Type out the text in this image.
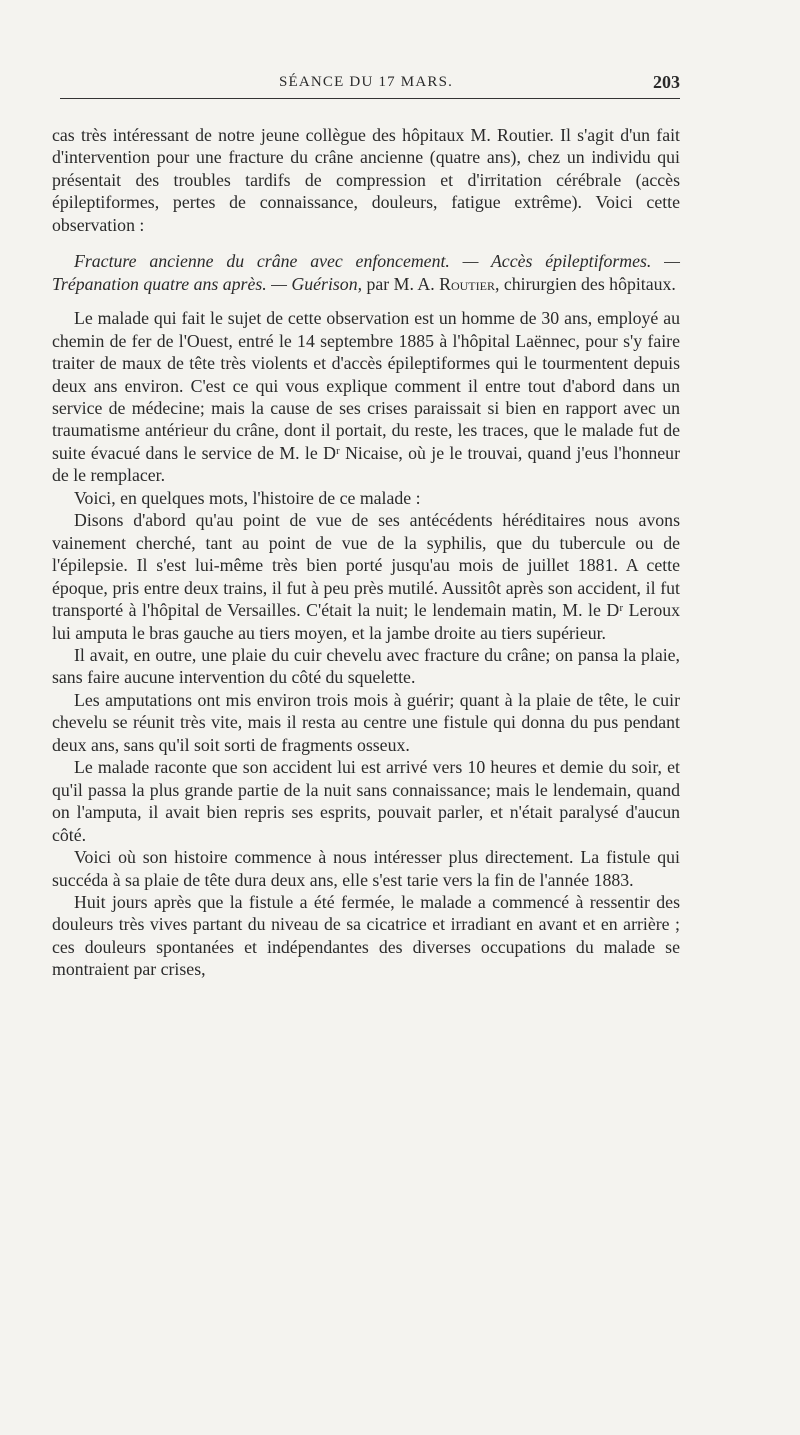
SÉANCE DU 17 MARS.	203

cas très intéressant de notre jeune collègue des hôpitaux M. Routier. Il s'agit d'un fait d'intervention pour une fracture du crâne ancienne (quatre ans), chez un individu qui présentait des troubles tardifs de compression et d'irritation cérébrale (accès épileptiformes, pertes de connaissance, douleurs, fatigue extrême). Voici cette observation :

Fracture ancienne du crâne avec enfoncement. — Accès épileptiformes. — Trépanation quatre ans après. — Guérison, par M. A. Routier, chirurgien des hôpitaux.

Le malade qui fait le sujet de cette observation est un homme de 30 ans, employé au chemin de fer de l'Ouest, entré le 14 septembre 1885 à l'hôpital Laënnec, pour s'y faire traiter de maux de tête très violents et d'accès épileptiformes qui le tourmentent depuis deux ans environ. C'est ce qui vous explique comment il entre tout d'abord dans un service de médecine; mais la cause de ses crises paraissait si bien en rapport avec un traumatisme antérieur du crâne, dont il portait, du reste, les traces, que le malade fut de suite évacué dans le service de M. le Dʳ Nicaise, où je le trouvai, quand j'eus l'honneur de le remplacer.

Voici, en quelques mots, l'histoire de ce malade :

Disons d'abord qu'au point de vue de ses antécédents héréditaires nous avons vainement cherché, tant au point de vue de la syphilis, que du tubercule ou de l'épilepsie. Il s'est lui-même très bien porté jusqu'au mois de juillet 1881. A cette époque, pris entre deux trains, il fut à peu près mutilé. Aussitôt après son accident, il fut transporté à l'hôpital de Versailles. C'était la nuit; le lendemain matin, M. le Dʳ Leroux lui amputa le bras gauche au tiers moyen, et la jambe droite au tiers supérieur.

Il avait, en outre, une plaie du cuir chevelu avec fracture du crâne; on pansa la plaie, sans faire aucune intervention du côté du squelette.

Les amputations ont mis environ trois mois à guérir; quant à la plaie de tête, le cuir chevelu se réunit très vite, mais il resta au centre une fistule qui donna du pus pendant deux ans, sans qu'il soit sorti de fragments osseux.

Le malade raconte que son accident lui est arrivé vers 10 heures et demie du soir, et qu'il passa la plus grande partie de la nuit sans connaissance; mais le lendemain, quand on l'amputa, il avait bien repris ses esprits, pouvait parler, et n'était paralysé d'aucun côté.

Voici où son histoire commence à nous intéresser plus directement. La fistule qui succéda à sa plaie de tête dura deux ans, elle s'est tarie vers la fin de l'année 1883.

Huit jours après que la fistule a été fermée, le malade a commencé à ressentir des douleurs très vives partant du niveau de sa cicatrice et irradiant en avant et en arrière ; ces douleurs spontanées et indépendantes des diverses occupations du malade se montraient par crises,
